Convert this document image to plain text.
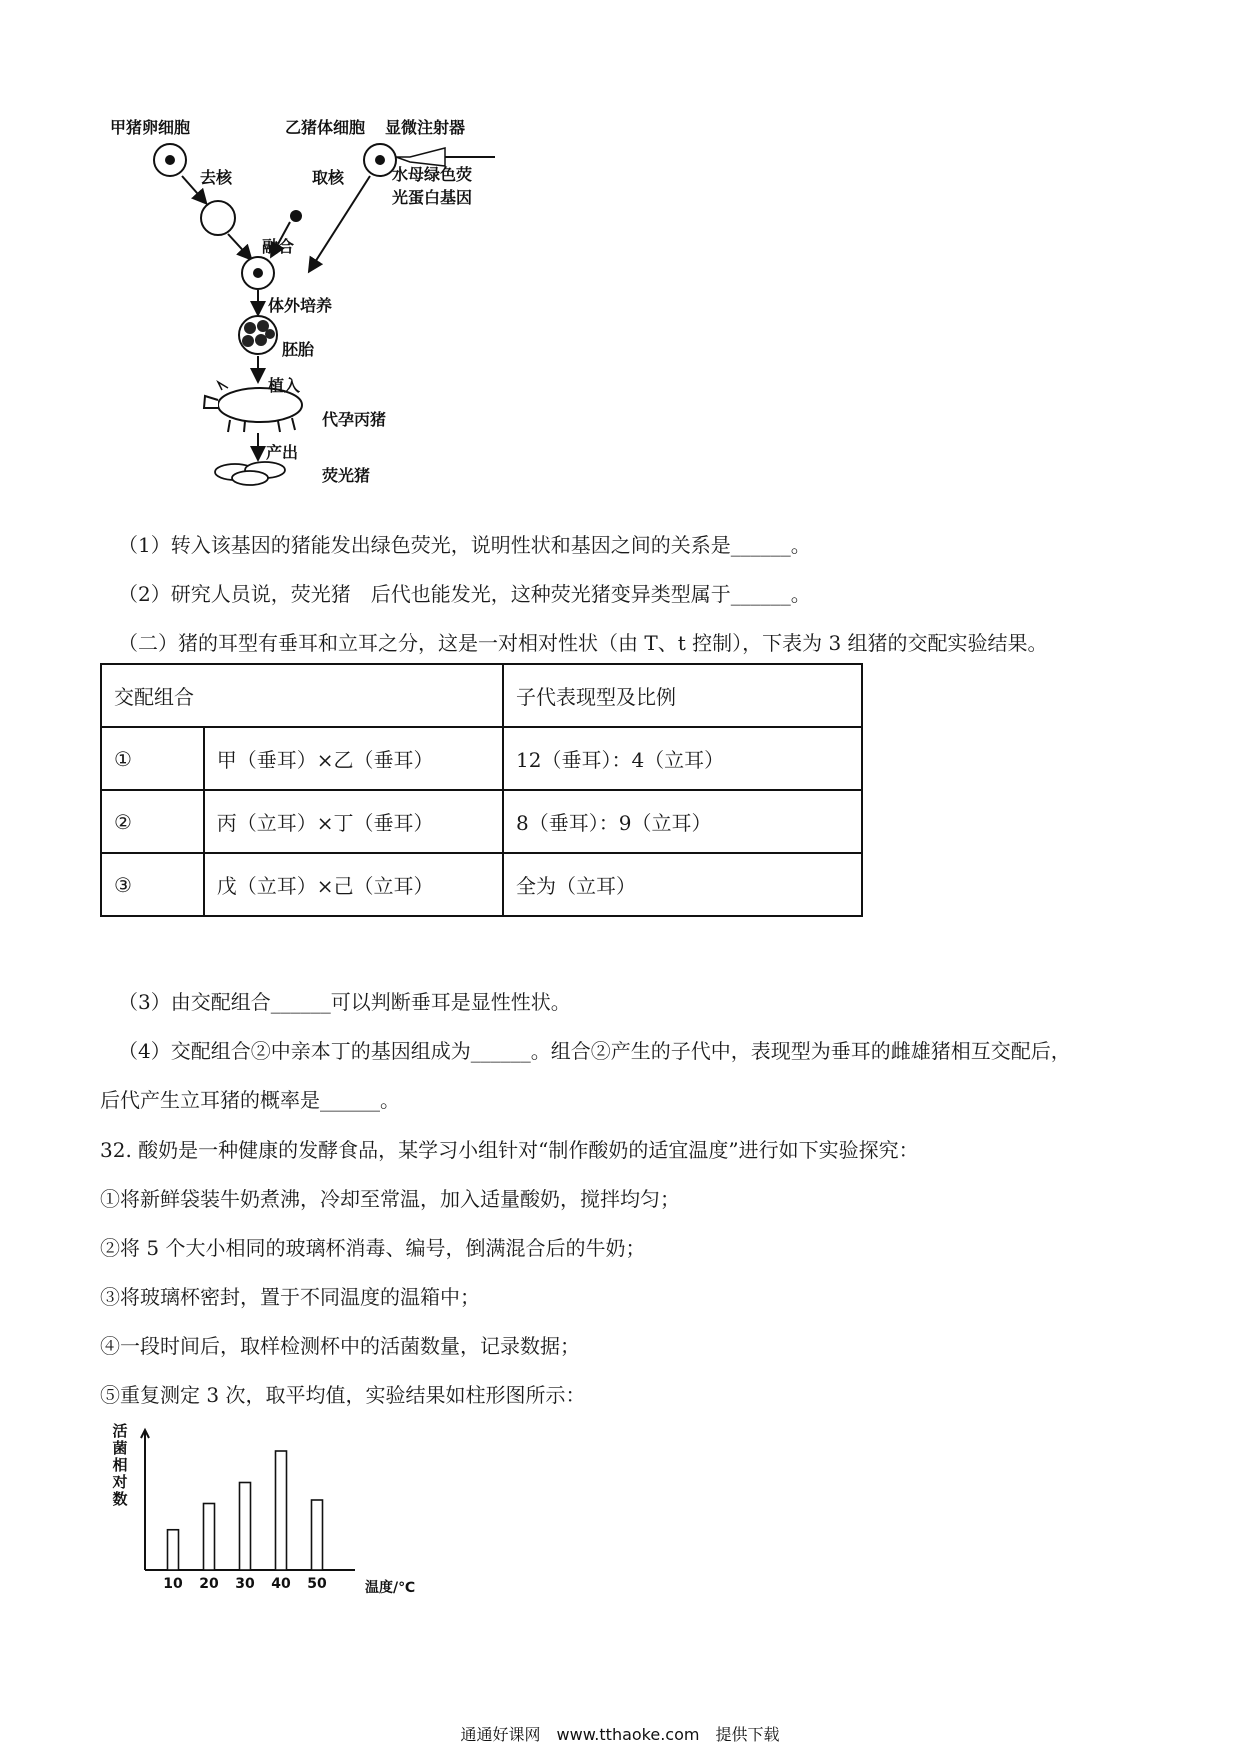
甲猪卵细胞	乙猪体细胞 显微注射器
去核	取核	水母绿色荧
光蛋白基因
融合
体外培养
胚胎
植入
代孕丙猪
产出
荧光猪
（1）转入该基因的猪能发出绿色荧光，说明性状和基因之间的关系是______。
（2）研究人员说，荧光猪　后代也能发光，这种荧光猪变异类型属于______。
（二）猪的耳型有垂耳和立耳之分，这是一对相对性状（由 T、t 控制），下表为 3 组猪的交配实验结果。
交配组合		子代表现型及比例
①	甲（垂耳）×乙（垂耳）	12（垂耳）：4（立耳）
②	丙（立耳）×丁（垂耳）	8（垂耳）：9（立耳）
③	戊（立耳）×己（立耳）	全为（立耳）
（3）由交配组合______可以判断垂耳是显性性状。
（4）交配组合②中亲本丁的基因组成为______。组合②产生的子代中，表现型为垂耳的雌雄猪相互交配后，
后代产生立耳猪的概率是______。
32. 酸奶是一种健康的发酵食品，某学习小组针对“制作酸奶的适宜温度”进行如下实验探究：
①将新鲜袋装牛奶煮沸，冷却至常温，加入适量酸奶，搅拌均匀；
②将 5 个大小相同的玻璃杯消毒、编号，倒满混合后的牛奶；
③将玻璃杯密封，置于不同温度的温箱中；
④一段时间后，取样检测杯中的活菌数量，记录数据；
⑤重复测定 3 次，取平均值，实验结果如柱形图所示：
活
菌
相
对
数
10 20 30 40 50	温度/℃
通通好课网　www.tthaoke.com　提供下载
